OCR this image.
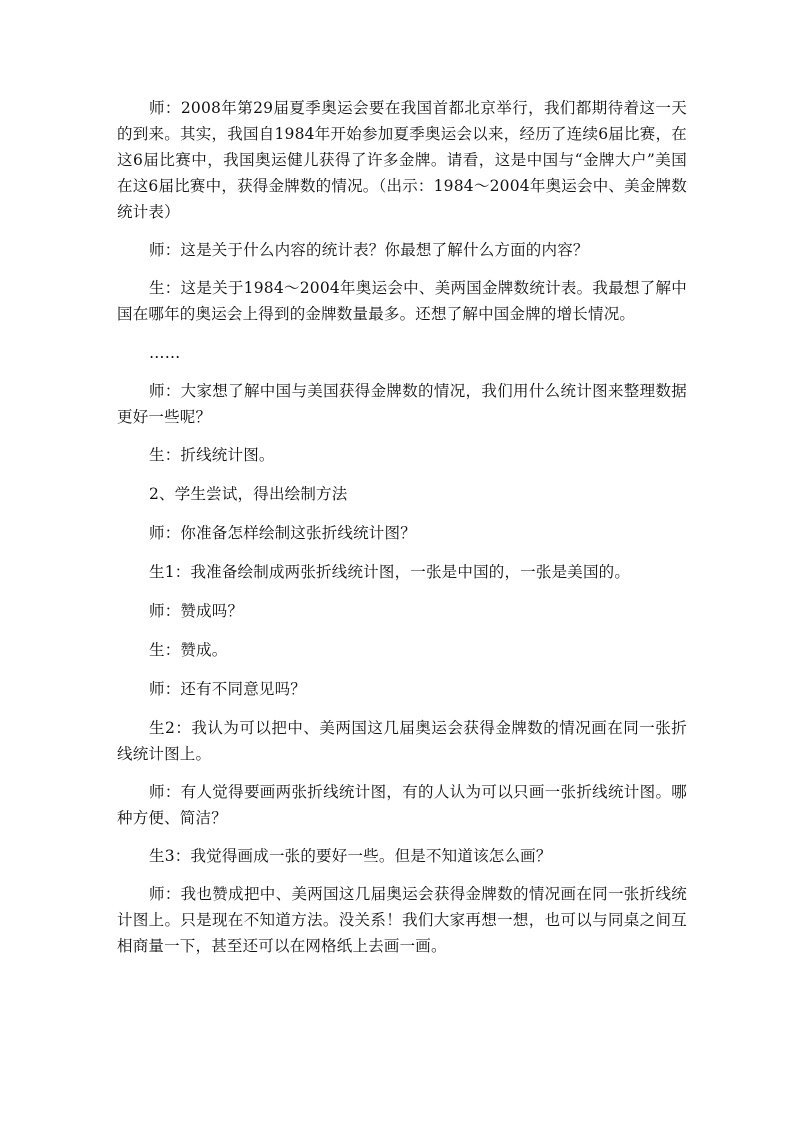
师：2008年第29届夏季奥运会要在我国首都北京举行，我们都期待着这一天的到来。其实，我国自1984年开始参加夏季奥运会以来，经历了连续6届比赛，在这6届比赛中，我国奥运健儿获得了许多金牌。请看，这是中国与“金牌大户”美国在这6届比赛中，获得金牌数的情况。（出示：1984～2004年奥运会中、美金牌数统计表）

师：这是关于什么内容的统计表？你最想了解什么方面的内容？

生：这是关于1984～2004年奥运会中、美两国金牌数统计表。我最想了解中国在哪年的奥运会上得到的金牌数量最多。还想了解中国金牌的增长情况。

……

师：大家想了解中国与美国获得金牌数的情况，我们用什么统计图来整理数据更好一些呢？

生：折线统计图。

2、学生尝试，得出绘制方法

师：你准备怎样绘制这张折线统计图？

生1：我准备绘制成两张折线统计图，一张是中国的，一张是美国的。

师：赞成吗？

生：赞成。

师：还有不同意见吗？

生2：我认为可以把中、美两国这几届奥运会获得金牌数的情况画在同一张折线统计图上。

师：有人觉得要画两张折线统计图，有的人认为可以只画一张折线统计图。哪种方便、简洁？

生3：我觉得画成一张的要好一些。但是不知道该怎么画？

师：我也赞成把中、美两国这几届奥运会获得金牌数的情况画在同一张折线统计图上。只是现在不知道方法。没关系！我们大家再想一想，也可以与同桌之间互相商量一下，甚至还可以在网格纸上去画一画。
